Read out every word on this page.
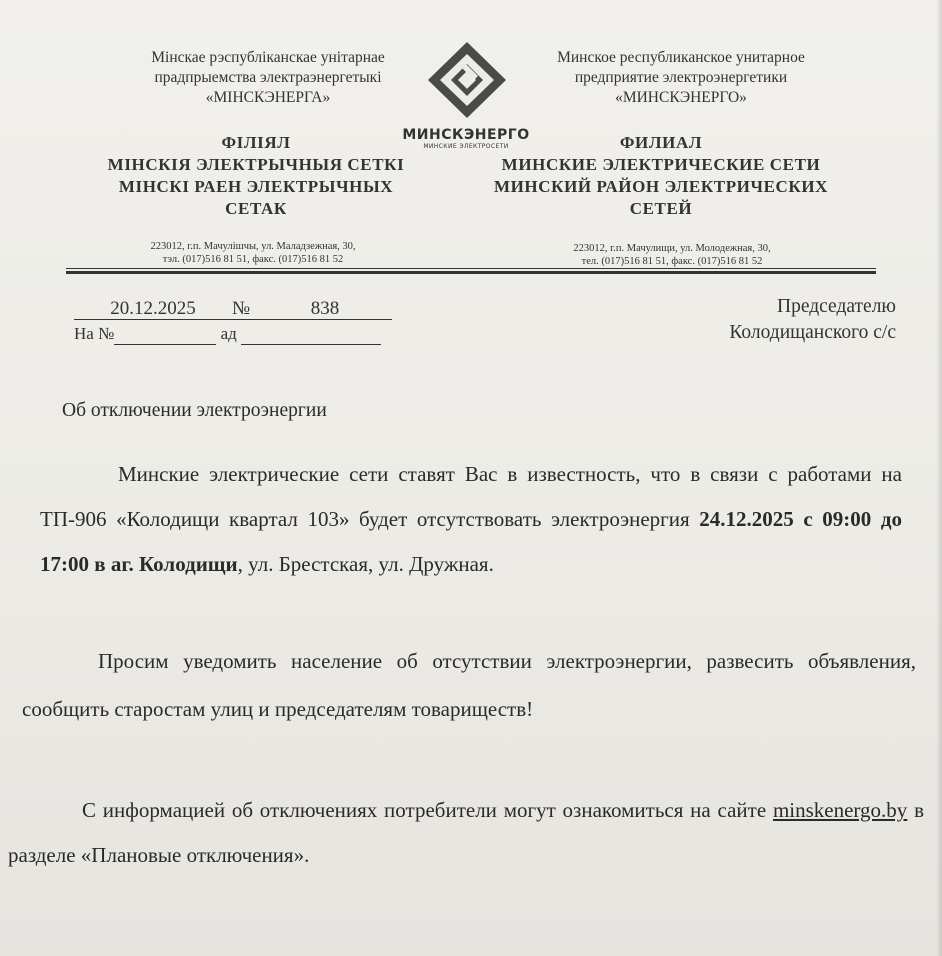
Мінскае рэспубліканскае унітарнае
прадпрыемства электраэнергетыкі
«МІНСКЭНЕРГА»
Минское республиканское унитарное
предприятие электроэнергетики
«МИНСКЭНЕРГО»
МИНСКЭНЕРГО
МИНСКИЕ ЭЛЕКТРОСЕТИ
ФІЛІЯЛ
МІНСКІЯ ЭЛЕКТРЫЧНЫЯ СЕТКІ
МІНСКІ РАЕН ЭЛЕКТРЫЧНЫХ
СЕТАК
ФИЛИАЛ
МИНСКИЕ ЭЛЕКТРИЧЕСКИЕ СЕТИ
МИНСКИЙ РАЙОН ЭЛЕКТРИЧЕСКИХ
СЕТЕЙ
223012, г.п. Мачулішчы, ул. Маладзежная, 30,
тэл. (017)516 81 51, факс. (017)516 81 52
223012, г.п. Мачулищи, ул. Молодежная, 30,
тел. (017)516 81 51, факс. (017)516 81 52
20.12.2025 №	838
На №	ад
Председателю
Колодищанского с/с
Об отключении электроэнергии

Минские электрические сети ставят Вас в известность, что в связи с работами на ТП-906 «Колодищи квартал 103» будет отсутствовать электроэнергия 24.12.2025 с 09:00 до 17:00 в аг. Колодищи, ул. Брестская, ул. Дружная.

Просим уведомить население об отсутствии электроэнергии, развесить объявления, сообщить старостам улиц и председателям товариществ!

С информацией об отключениях потребители могут ознакомиться на сайте minskenergo.by в разделе «Плановые отключения».
